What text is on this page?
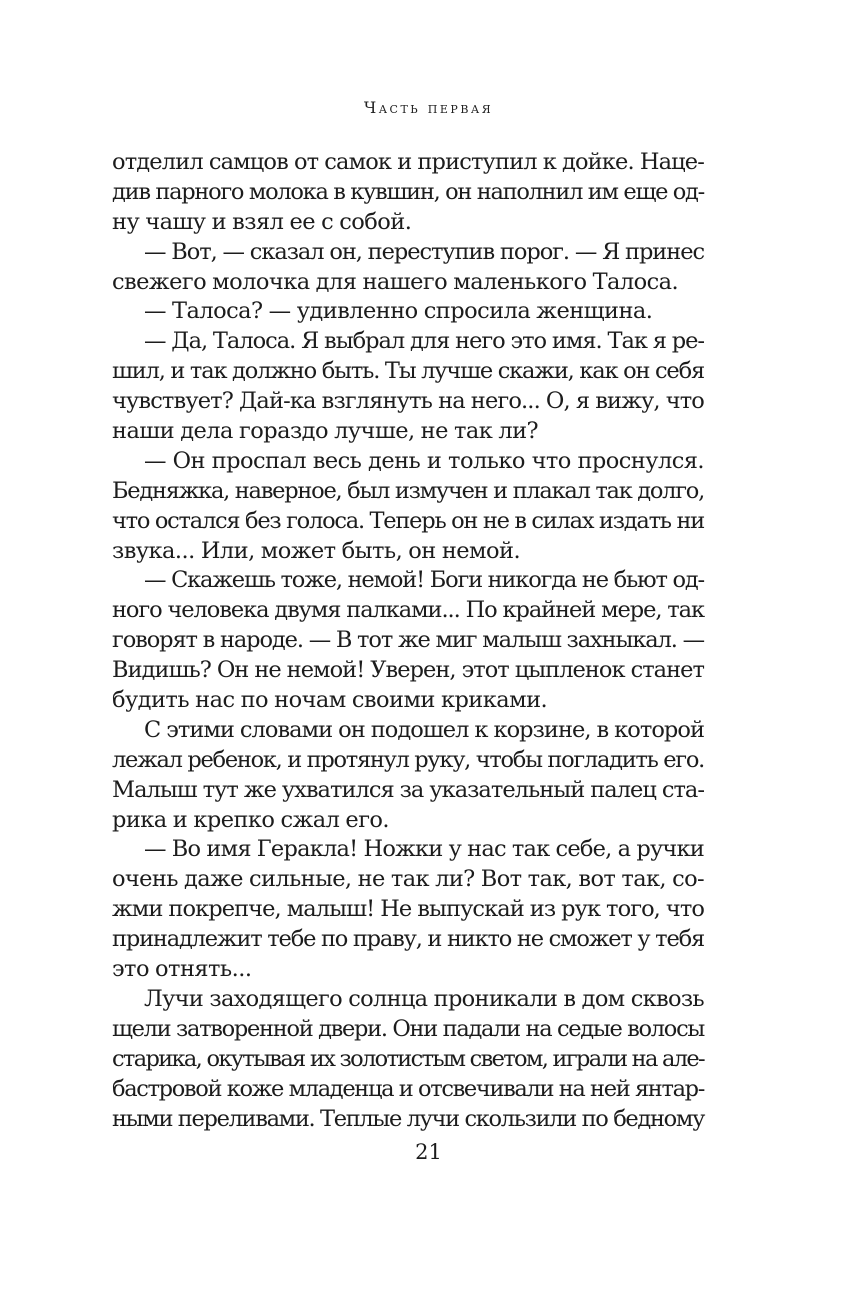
Часть первая
отделил самцов от самок и приступил к дойке. Наце-
див парного молока в кувшин, он наполнил им еще од-
ну чашу и взял ее с собой.
— Вот, — сказал он, переступив порог. — Я принес
свежего молочка для нашего маленького Талоса.
— Талоса? — удивленно спросила женщина.
— Да, Талоса. Я выбрал для него это имя. Так я ре-
шил, и так должно быть. Ты лучше скажи, как он себя
чувствует? Дай-ка взглянуть на него... О, я вижу, что
наши дела гораздо лучше, не так ли?
— Он проспал весь день и только что проснулся.
Бедняжка, наверное, был измучен и плакал так долго,
что остался без голоса. Теперь он не в силах издать ни
звука... Или, может быть, он немой.
— Скажешь тоже, немой! Боги никогда не бьют од-
ного человека двумя палками... По крайней мере, так
говорят в народе. — В тот же миг малыш захныкал. —
Видишь? Он не немой! Уверен, этот цыпленок станет
будить нас по ночам своими криками.
С этими словами он подошел к корзине, в которой
лежал ребенок, и протянул руку, чтобы погладить его.
Малыш тут же ухватился за указательный палец ста-
рика и крепко сжал его.
— Во имя Геракла! Ножки у нас так себе, а ручки
очень даже сильные, не так ли? Вот так, вот так, со-
жми покрепче, малыш! Не выпускай из рук того, что
принадлежит тебе по праву, и никто не сможет у тебя
это отнять...
Лучи заходящего солнца проникали в дом сквозь
щели затворенной двери. Они падали на седые волосы
старика, окутывая их золотистым светом, играли на але-
бастровой коже младенца и отсвечивали на ней янтар-
ными переливами. Теплые лучи скользили по бедному
21
